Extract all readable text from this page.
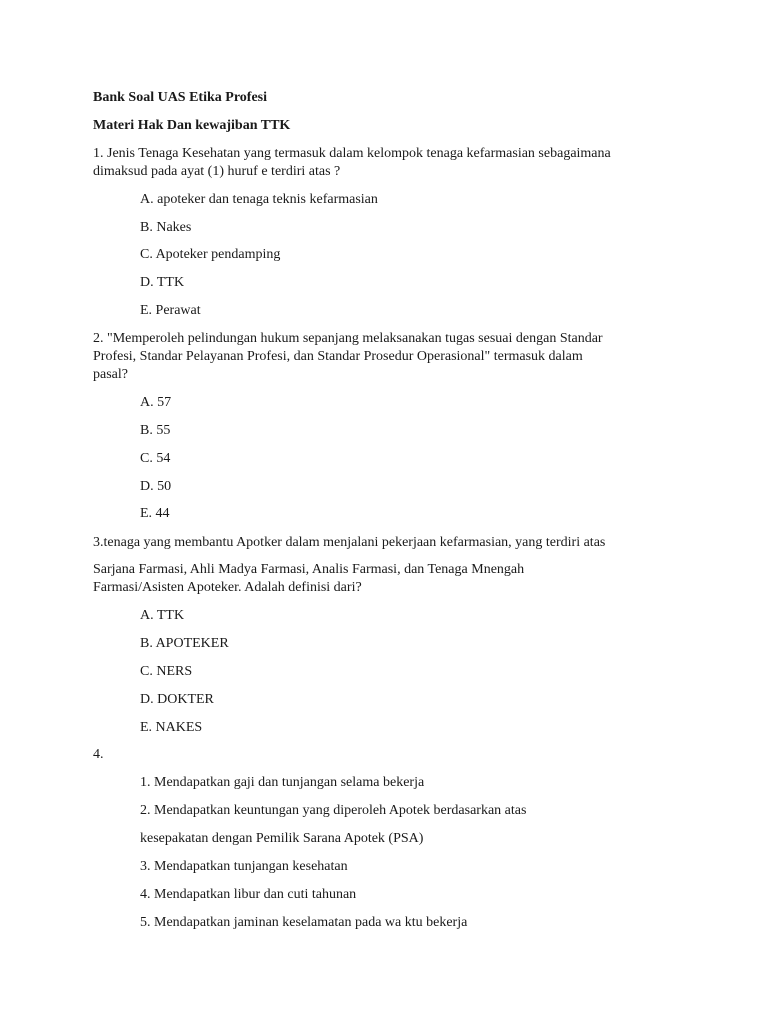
Bank Soal UAS Etika Profesi
Materi Hak Dan kewajiban TTK
1. Jenis Tenaga Kesehatan yang termasuk dalam kelompok tenaga kefarmasian sebagaimana
dimaksud pada ayat (1) huruf e terdiri atas ?
A. apoteker dan tenaga teknis kefarmasian
B. Nakes
C. Apoteker pendamping
D. TTK
E. Perawat
2. "Memperoleh pelindungan hukum sepanjang melaksanakan tugas sesuai dengan Standar
Profesi, Standar Pelayanan Profesi, dan Standar Prosedur Operasional" termasuk dalam
pasal?
A. 57
B. 55
C. 54
D. 50
E. 44
3.tenaga yang membantu Apotker dalam menjalani pekerjaan kefarmasian, yang terdiri atas
Sarjana Farmasi, Ahli Madya Farmasi, Analis Farmasi, dan Tenaga Mnengah
Farmasi/Asisten Apoteker. Adalah definisi dari?
A. TTK
B. APOTEKER
C. NERS
D. DOKTER
E. NAKES
4.
1. Mendapatkan gaji dan tunjangan selama bekerja
2. Mendapatkan keuntungan yang diperoleh Apotek berdasarkan atas
kesepakatan dengan Pemilik Sarana Apotek (PSA)
3. Mendapatkan tunjangan kesehatan
4. Mendapatkan libur dan cuti tahunan
5. Mendapatkan jaminan keselamatan pada wa ktu bekerja
